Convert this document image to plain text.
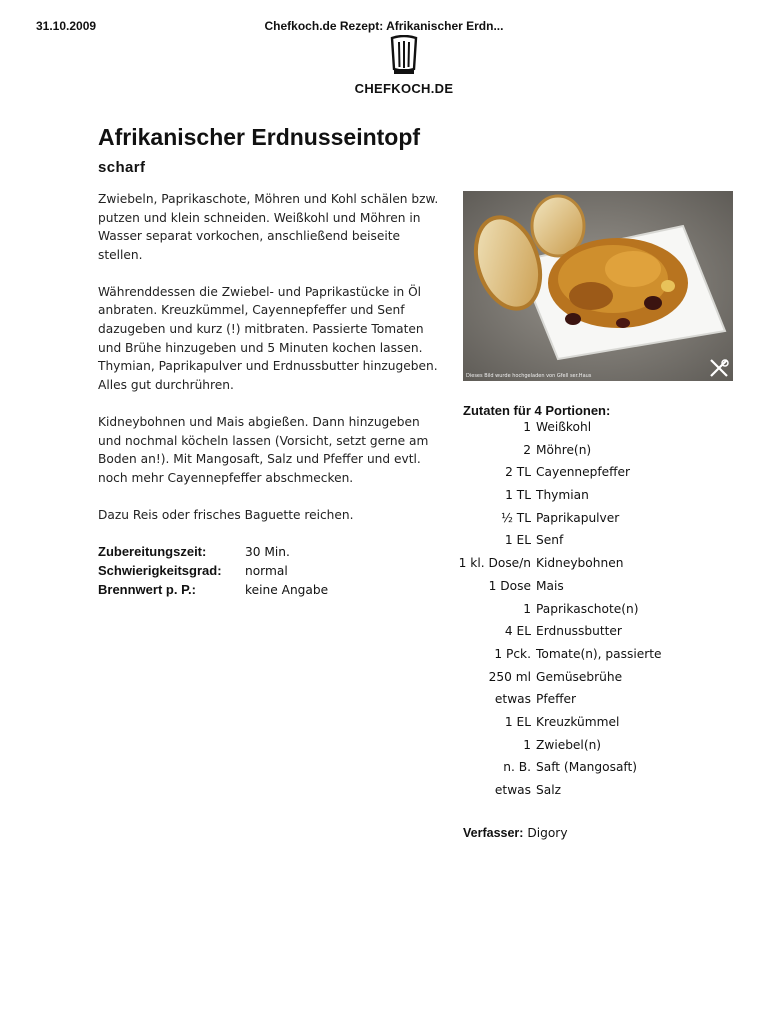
31.10.2009	Chefkoch.de Rezept: Afrikanischer Erdn...
CHEFKOCH.DE
Afrikanischer Erdnusseintopf
scharf

Zwiebeln, Paprikaschote, Möhren und Kohl schälen bzw. putzen und klein schneiden. Weißkohl und Möhren in Wasser separat vorkochen, anschließend beiseite stellen.

Währenddessen die Zwiebel- und Paprikastücke in Öl anbraten. Kreuzkümmel, Cayennepfeffer und Senf dazugeben und kurz (!) mitbraten. Passierte Tomaten und Brühe hinzugeben und 5 Minuten kochen lassen. Thymian, Paprikapulver und Erdnussbutter hinzugeben. Alles gut durchrühren.

Kidneybohnen und Mais abgießen. Dann hinzugeben und nochmal köcheln lassen (Vorsicht, setzt gerne am Boden an!). Mit Mangosaft, Salz und Pfeffer und evtl. noch mehr Cayennepfeffer abschmecken.

Dazu Reis oder frisches Baguette reichen.

Zubereitungszeit:	30 Min.
Schwierigkeitsgrad: normal
Brennwert p. P.:	keine Angabe
Dieses Bild wurde hochgeladen von Gfell ser.Haus
Zutaten für 4 Portionen:
1 Weißkohl
2 Möhre(n)
2 TL Cayennepfeffer
1 TL Thymian
½ TL Paprikapulver
1 EL Senf
1 kl. Dose/n Kidneybohnen
1 Dose Mais
1 Paprikaschote(n)
4 EL Erdnussbutter
1 Pck. Tomate(n), passierte
250 ml Gemüsebrühe
etwas Pfeffer
1 EL Kreuzkümmel
1 Zwiebel(n)
n. B. Saft (Mangosaft)
etwas Salz
Verfasser: Digory
